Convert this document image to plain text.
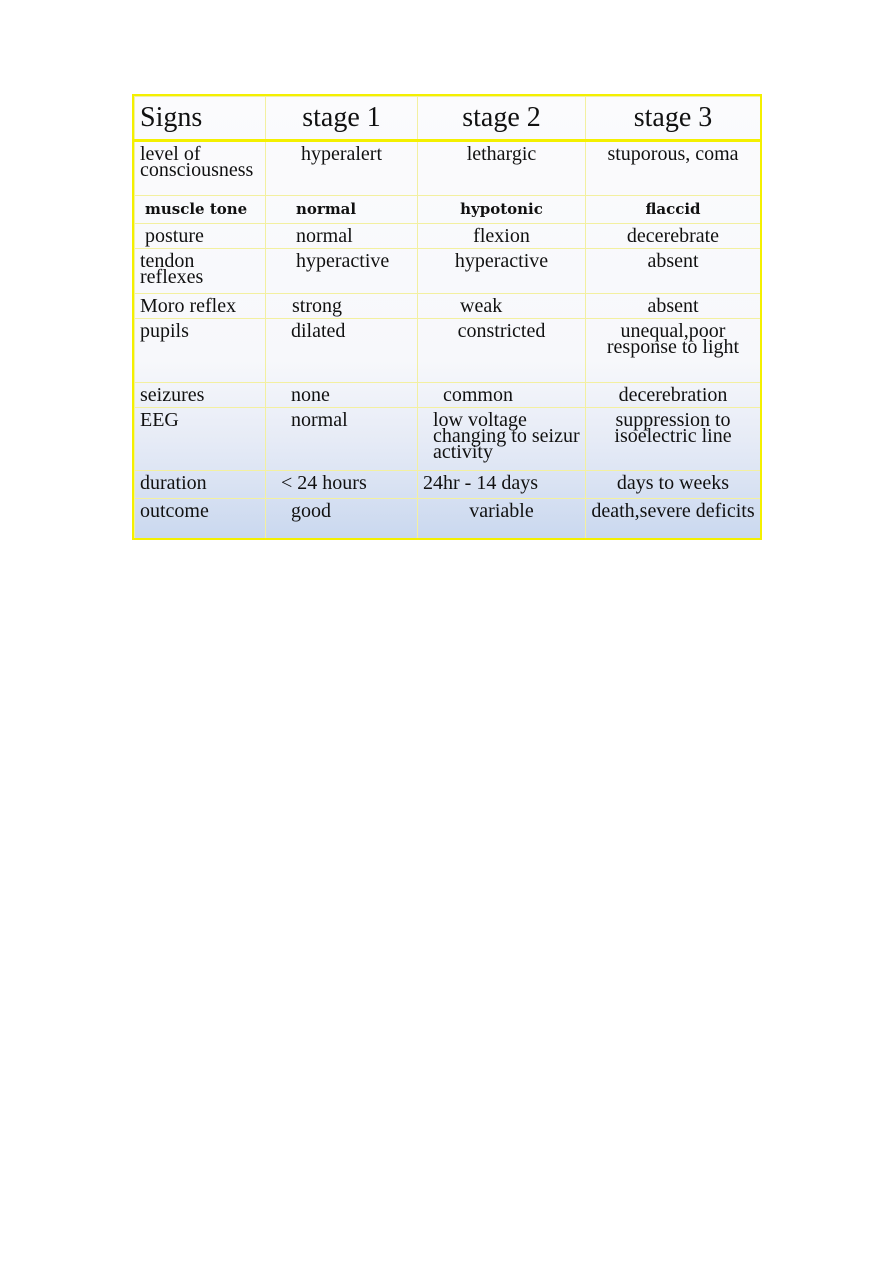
Signs	stage 1	stage 2	stage 3
level of consciousness	hyperalert	lethargic	stuporous, coma
muscle tone	normal	hypotonic	flaccid
posture	normal	flexion	decerebrate
tendon reflexes	hyperactive	hyperactive	absent
Moro reflex	strong	weak	absent
pupils	dilated	constricted	unequal,poor response to light
seizures	none	common	decerebration
EEG	normal	low voltage changing to seizur activity	suppression to isoelectric line
duration	< 24 hours	24hr - 14 days	days to weeks
outcome	good	variable	death,severe deficits
